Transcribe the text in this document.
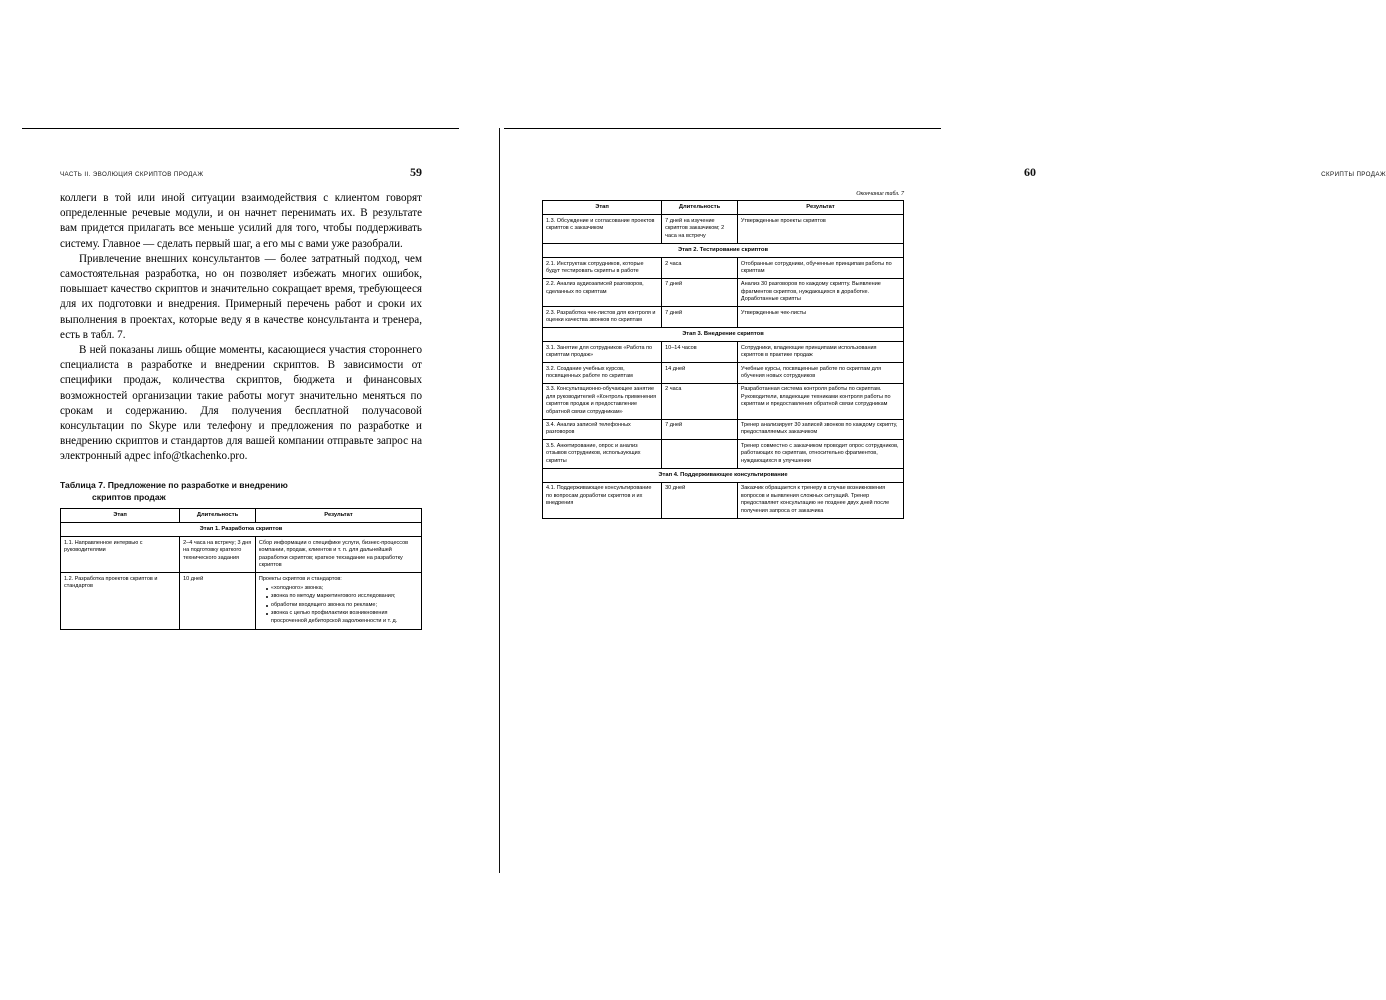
ЧАСТЬ II. ЭВОЛЮЦИЯ СКРИПТОВ ПРОДАЖ	59

коллеги в той или иной ситуации взаимодействия с клиентом говорят определенные речевые модули, и он начнет перенимать их. В результате вам придется прилагать все меньше усилий для того, чтобы поддерживать систему. Главное — сделать первый шаг, а его мы с вами уже разобрали.

Привлечение внешних консультантов — более затратный подход, чем самостоятельная разработка, но он позволяет избежать многих ошибок, повышает качество скриптов и значительно сокращает время, требующееся для их подготовки и внедрения. Примерный перечень работ и сроки их выполнения в проектах, которые веду я в качестве консультанта и тренера, есть в табл. 7.

В ней показаны лишь общие моменты, касающиеся участия стороннего специалиста в разработке и внедрении скриптов. В зависимости от специфики продаж, количества скриптов, бюджета и финансовых возможностей организации такие работы могут значительно меняться по срокам и содержанию. Для получения бесплатной получасовой консультации по Skype или телефону и предложения по разработке и внедрению скриптов и стандартов для вашей компании отправьте запрос на электронный адрес info@tkachenko.pro.

Таблица 7. Предложение по разработке и внедрению
скриптов продаж
Этап	Длительность	Результат
Этап 1. Разработка скриптов		
1.1. Направленное интервью с руководителями	2–4 часа на встречу; 3 дня на подготовку краткого технического задания	Сбор информации о специфике услуги, бизнес-процессов компании, продаж, клиентов и т. п. для дальнейшей разработки скриптов; краткое техзадание на разработку скриптов
1.2. Разработка проектов скриптов и стандартов	10 дней	Проекты скриптов и стандартов:
«холодного» звонка;
звонка по методу маркетингового исследования;
обработки входящего звонка по рекламе;
звонка с целью профилактики возникновения просроченной дебиторской задолженности и т. д.
60	СКРИПТЫ ПРОДАЖ

Окончание табл. 7

Этап	Длительность	Результат
1.3. Обсуждение и согласование проектов скриптов с заказчиком	7 дней на изучение скриптов заказчиком; 2 часа на встречу	Утвержденные проекты скриптов
Этап 2. Тестирование скриптов		
2.1. Инструктаж сотрудников, которые будут тестировать скрипты в работе	2 часа	Отобранные сотрудники, обученные принципам работы по скриптам
2.2. Анализ аудиозаписей разговоров, сделанных по скриптам	7 дней	Анализ 30 разговоров по каждому скрипту. Выявление фрагментов скриптов, нуждающихся в доработке. Доработанные скрипты
2.3. Разработка чек-листов для контроля и оценки качества звонков по скриптам	7 дней	Утвержденные чек-листы
Этап 3. Внедрение скриптов		
3.1. Занятие для сотрудников «Работа по скриптам продаж»	10–14 часов	Сотрудники, владеющие принципами использования скриптов в практике продаж
3.2. Создание учебных курсов, посвященных работе по скриптам	14 дней	Учебные курсы, посвященные работе по скриптам для обучения новых сотрудников
3.3. Консультационно-обучающее занятие для руководителей «Контроль применения скриптов продаж и предоставление обратной связи сотрудникам»	2 часа	Разработанная система контроля работы по скриптам. Руководители, владеющие техниками контроля работы по скриптам и предоставления обратной связи сотрудникам
3.4. Анализ записей телефонных разговоров	7 дней	Тренер анализирует 30 записей звонков по каждому скрипту, предоставляемых заказчиком
3.5. Анкетирование, опрос и анализ отзывов сотрудников, использующих скрипты		Тренер совместно с заказчиком проводит опрос сотрудников, работающих по скриптам, относительно фрагментов, нуждающихся в улучшении
Этап 4. Поддерживающее консультирование		
4.1. Поддерживающее консультирование по вопросам доработки скриптов и их внедрения	30 дней	Заказчик обращается к тренеру в случае возникновения вопросов и выявления сложных ситуаций. Тренер предоставляет консультацию не позднее двух дней после получения запроса от заказчика
